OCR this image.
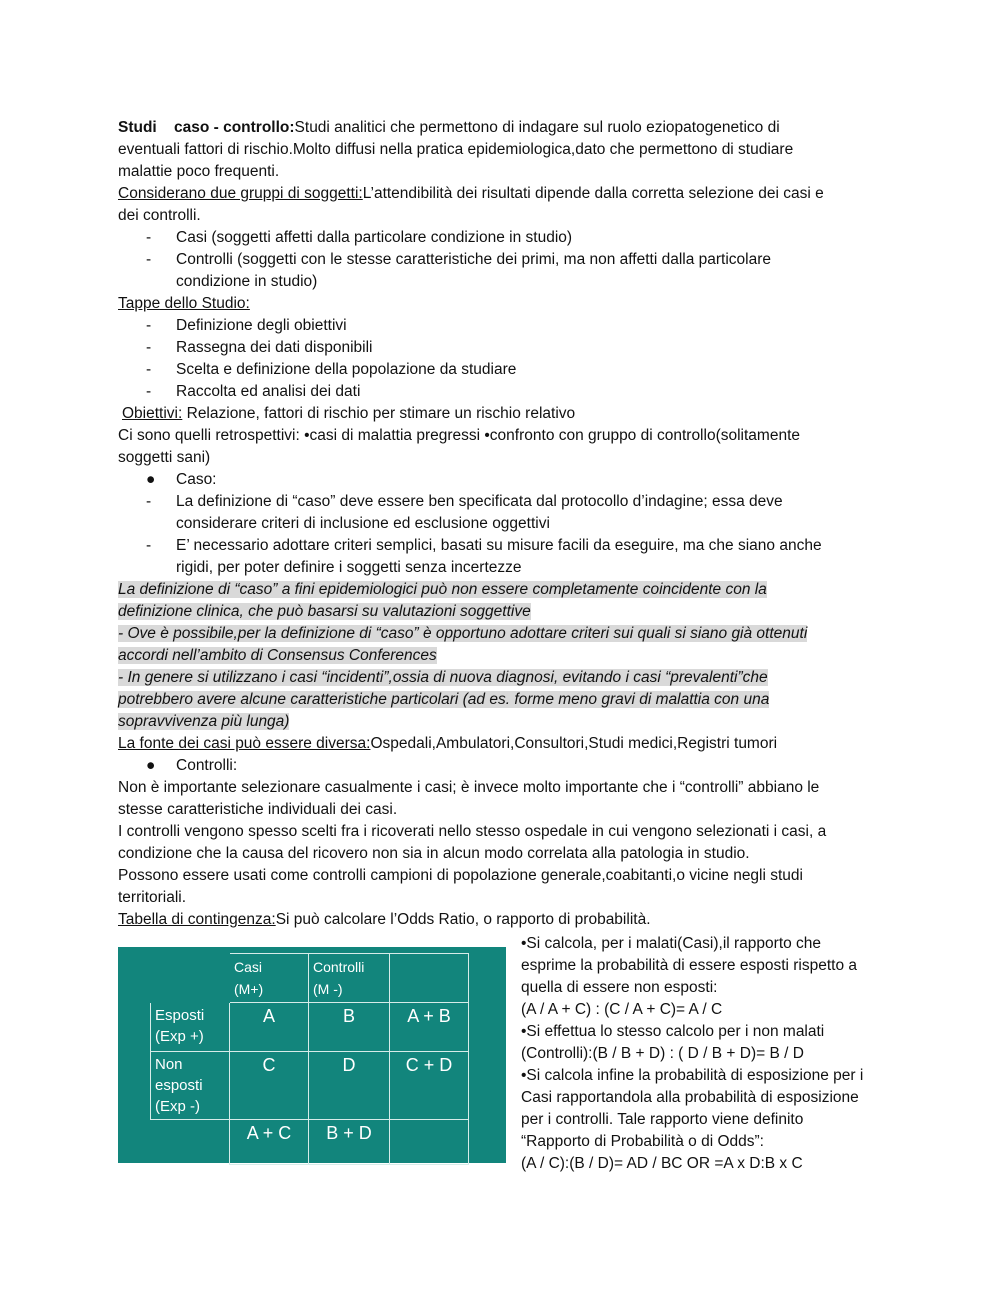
Studi    caso - controllo:Studi analitici che permettono di indagare sul ruolo eziopatogenetico di

eventuali fattori di rischio.Molto diffusi nella pratica epidemiologica,dato che permettono di studiare

malattie poco frequenti.

Considerano due gruppi di soggetti:L’attendibilità dei risultati dipende dalla corretta selezione dei casi e

dei controlli.

- Casi (soggetti affetti dalla particolare condizione in studio)
- Controlli (soggetti con le stesse caratteristiche dei primi, ma non affetti dalla particolare
condizione in studio)

Tappe dello Studio:

- Definizione degli obiettivi
- Rassegna dei dati disponibili
- Scelta e definizione della popolazione da studiare
- Raccolta ed analisi dei dati

Obiettivi: Relazione, fattori di rischio per stimare un rischio relativo

Ci sono quelli retrospettivi: •casi di malattia pregressi •confronto con gruppo di controllo(solitamente

soggetti sani)

● Caso:
- La definizione di “caso” deve essere ben specificata dal protocollo d’indagine; essa deve
considerare criteri di inclusione ed esclusione oggettivi
- E’ necessario adottare criteri semplici, basati su misure facili da eseguire, ma che siano anche
rigidi, per poter definire i soggetti senza incertezze
La definizione di “caso” a fini epidemiologici può non essere completamente coincidente con la
definizione clinica, che può basarsi su valutazioni soggettive
- Ove è possibile,per la definizione di “caso” è opportuno adottare criteri sui quali si siano già ottenuti
accordi nell’ambito di Consensus Conferences
- In genere si utilizzano i casi “incidenti”,ossia di nuova diagnosi, evitando i casi “prevalenti”che
potrebbero avere alcune caratteristiche particolari (ad es. forme meno gravi di malattia con una
sopravvivenza più lunga)

La fonte dei casi può essere diversa:Ospedali,Ambulatori,Consultori,Studi medici,Registri tumori

● Controlli:

Non è importante selezionare casualmente i casi; è invece molto importante che i “controlli” abbiano le

stesse caratteristiche individuali dei casi.

I controlli vengono spesso scelti fra i ricoverati nello stesso ospedale in cui vengono selezionati i casi, a

condizione che la causa del ricovero non sia in alcun modo correlata alla patologia in studio.

Possono essere usati come controlli campioni di popolazione generale,coabitanti,o vicine negli studi

territoriali.

Tabella di contingenza:Si può calcolare l’Odds Ratio, o rapporto di probabilità.

	Casi
(M+)	Controlli
(M -)	
Esposti
(Exp +)	A	B	A + B
Non
esposti
(Exp -)	C	D	C + D
	A + C	B + D	
•Si calcola, per i malati(Casi),il rapporto che
esprime la probabilità di essere esposti rispetto a
quella di essere non esposti:
(A / A + C) : (C / A + C)= A / C
•Si effettua lo stesso calcolo per i non malati
(Controlli):(B / B + D) : ( D / B + D)= B / D
•Si calcola infine la probabilità di esposizione per i
Casi rapportandola alla probabilità di esposizione
per i controlli. Tale rapporto viene definito
“Rapporto di Probabilità o di Odds”:
(A / C):(B / D)= AD / BC OR =A x D:B x C
